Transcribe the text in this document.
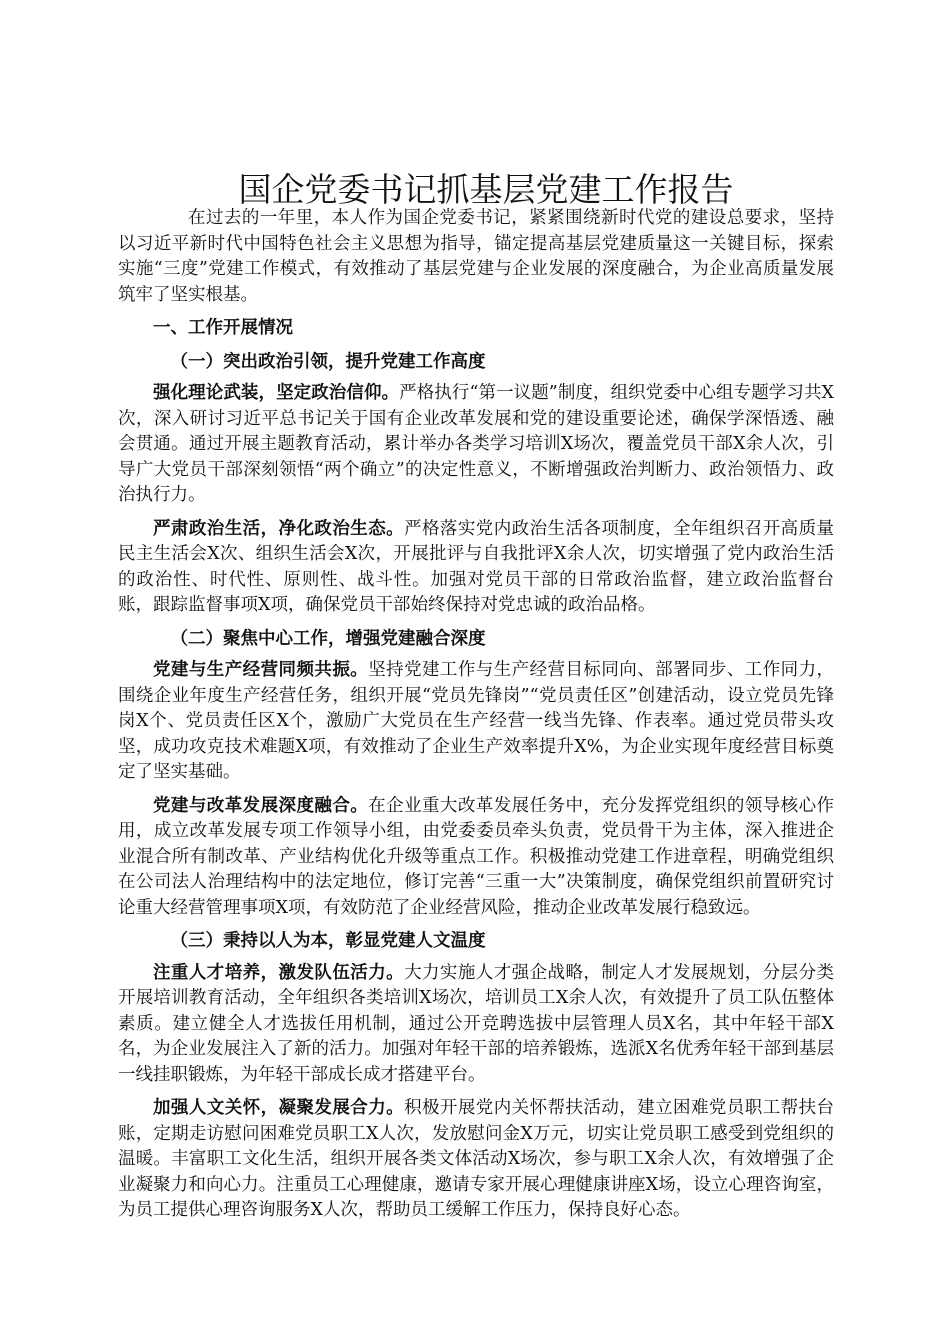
国企党委书记抓基层党建工作报告

在过去的一年里，本人作为国企党委书记，紧紧围绕新时代党的建设总要求，坚持以习近平新时代中国特色社会主义思想为指导，锚定提高基层党建质量这一关键目标，探索实施“三度”党建工作模式，有效推动了基层党建与企业发展的深度融合，为企业高质量发展筑牢了坚实根基。

一、工作开展情况

（一）突出政治引领，提升党建工作高度

强化理论武装，坚定政治信仰。严格执行“第一议题”制度，组织党委中心组专题学习共X次，深入研讨习近平总书记关于国有企业改革发展和党的建设重要论述，确保学深悟透、融会贯通。通过开展主题教育活动，累计举办各类学习培训X场次，覆盖党员干部X余人次，引导广大党员干部深刻领悟“两个确立”的决定性意义，不断增强政治判断力、政治领悟力、政治执行力。

严肃政治生活，净化政治生态。严格落实党内政治生活各项制度，全年组织召开高质量民主生活会X次、组织生活会X次，开展批评与自我批评X余人次，切实增强了党内政治生活的政治性、时代性、原则性、战斗性。加强对党员干部的日常政治监督，建立政治监督台账，跟踪监督事项X项，确保党员干部始终保持对党忠诚的政治品格。

（二）聚焦中心工作，增强党建融合深度

党建与生产经营同频共振。坚持党建工作与生产经营目标同向、部署同步、工作同力，围绕企业年度生产经营任务，组织开展“党员先锋岗”“党员责任区”创建活动，设立党员先锋岗X个、党员责任区X个，激励广大党员在生产经营一线当先锋、作表率。通过党员带头攻坚，成功攻克技术难题X项，有效推动了企业生产效率提升X%，为企业实现年度经营目标奠定了坚实基础。

党建与改革发展深度融合。在企业重大改革发展任务中，充分发挥党组织的领导核心作用，成立改革发展专项工作领导小组，由党委委员牵头负责，党员骨干为主体，深入推进企业混合所有制改革、产业结构优化升级等重点工作。积极推动党建工作进章程，明确党组织在公司法人治理结构中的法定地位，修订完善“三重一大”决策制度，确保党组织前置研究讨论重大经营管理事项X项，有效防范了企业经营风险，推动企业改革发展行稳致远。

（三）秉持以人为本，彰显党建人文温度

注重人才培养，激发队伍活力。大力实施人才强企战略，制定人才发展规划，分层分类开展培训教育活动，全年组织各类培训X场次，培训员工X余人次，有效提升了员工队伍整体素质。建立健全人才选拔任用机制，通过公开竞聘选拔中层管理人员X名，其中年轻干部X名，为企业发展注入了新的活力。加强对年轻干部的培养锻炼，选派X名优秀年轻干部到基层一线挂职锻炼，为年轻干部成长成才搭建平台。

加强人文关怀，凝聚发展合力。积极开展党内关怀帮扶活动，建立困难党员职工帮扶台账，定期走访慰问困难党员职工X人次，发放慰问金X万元，切实让党员职工感受到党组织的温暖。丰富职工文化生活，组织开展各类文体活动X场次，参与职工X余人次，有效增强了企业凝聚力和向心力。注重员工心理健康，邀请专家开展心理健康讲座X场，设立心理咨询室，为员工提供心理咨询服务X人次，帮助员工缓解工作压力，保持良好心态。
